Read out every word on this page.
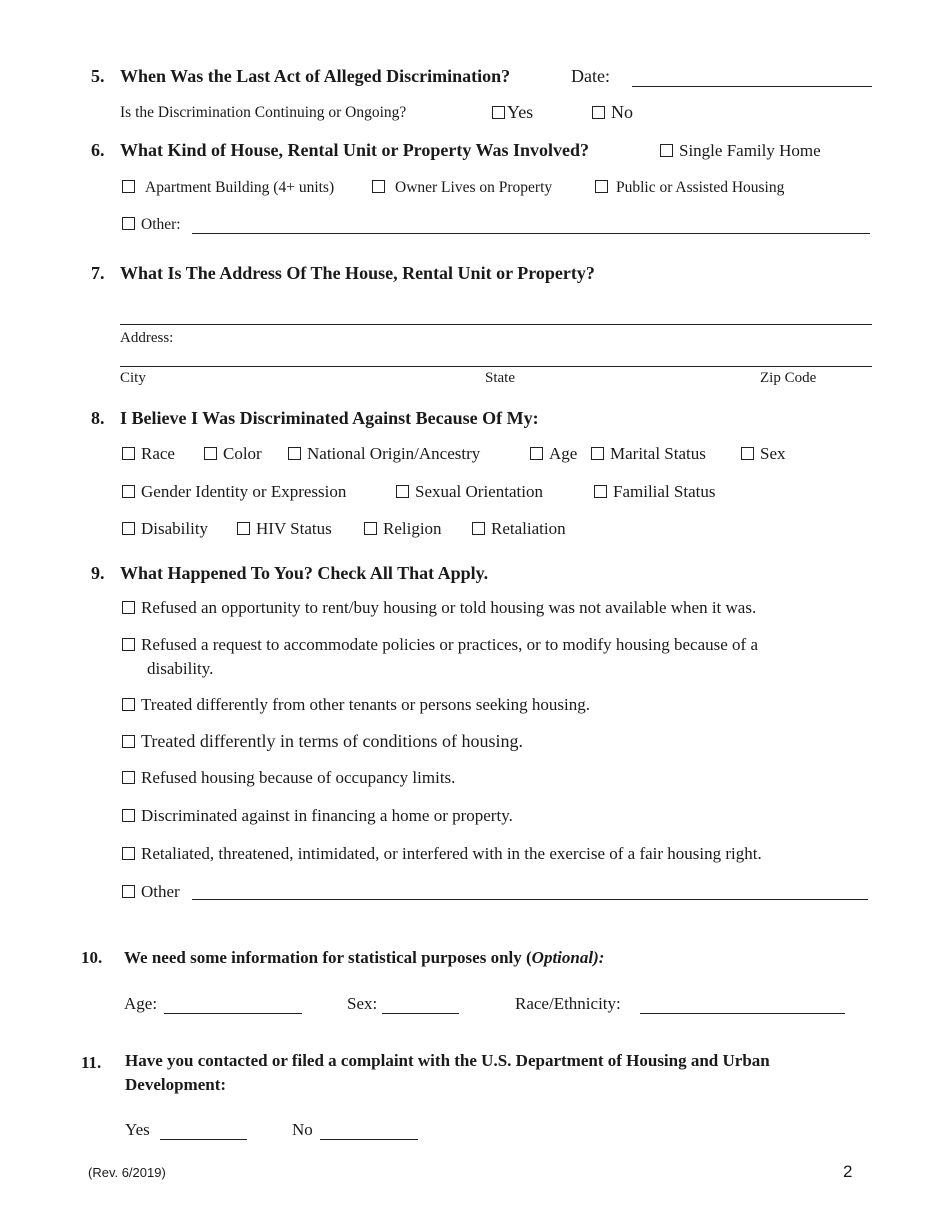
5. When Was the Last Act of Alleged Discrimination?	Date:
Is the Discrimination Continuing or Ongoing?	Yes	No
6. What Kind of House, Rental Unit or Property Was Involved?	Single Family Home
Apartment Building (4+ units)	Owner Lives on Property	Public or Assisted Housing
Other:
7. What Is The Address Of The House, Rental Unit or Property?
Address:
City	State	Zip Code
8. I Believe I Was Discriminated Against Because Of My:
Race	Color	National Origin/Ancestry	Age	Marital Status	Sex
Gender Identity or Expression	Sexual Orientation	Familial Status
Disability	HIV Status	Religion	Retaliation
9. What Happened To You? Check All That Apply.
Refused an opportunity to rent/buy housing or told housing was not available when it was.
Refused a request to accommodate policies or practices, or to modify housing because of a
disability.
Treated differently from other tenants or persons seeking housing.
Treated differently in terms of conditions of housing.
Refused housing because of occupancy limits.
Discriminated against in financing a home or property.
Retaliated, threatened, intimidated, or interfered with in the exercise of a fair housing right.
Other
10. We need some information for statistical purposes only (Optional):
Age:	Sex:	Race/Ethnicity:
11. Have you contacted or filed a complaint with the U.S. Department of Housing and Urban
Development:
Yes	No
(Rev. 6/2019)	2
